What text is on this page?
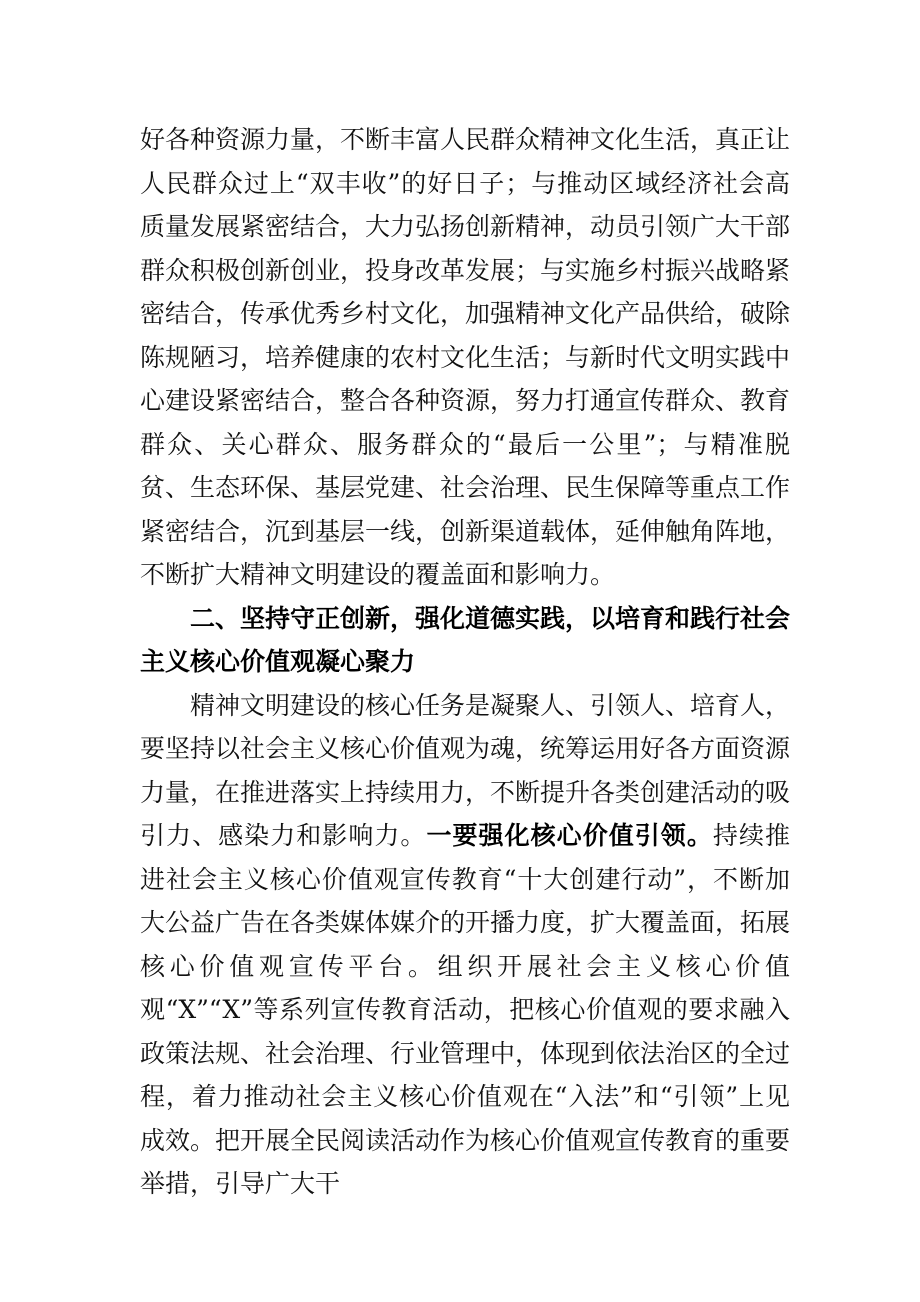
好各种资源力量，不断丰富人民群众精神文化生活，真正让人民群众过上“双丰收”的好日子；与推动区域经济社会高质量发展紧密结合，大力弘扬创新精神，动员引领广大干部群众积极创新创业，投身改革发展；与实施乡村振兴战略紧密结合，传承优秀乡村文化，加强精神文化产品供给，破除陈规陋习，培养健康的农村文化生活；与新时代文明实践中心建设紧密结合，整合各种资源，努力打通宣传群众、教育群众、关心群众、服务群众的“最后一公里”；与精准脱贫、生态环保、基层党建、社会治理、民生保障等重点工作紧密结合，沉到基层一线，创新渠道载体，延伸触角阵地，不断扩大精神文明建设的覆盖面和影响力。

二、坚持守正创新，强化道德实践，以培育和践行社会主义核心价值观凝心聚力

精神文明建设的核心任务是凝聚人、引领人、培育人，要坚持以社会主义核心价值观为魂，统筹运用好各方面资源力量，在推进落实上持续用力，不断提升各类创建活动的吸引力、感染力和影响力。一要强化核心价值引领。持续推进社会主义核心价值观宣传教育“十大创建行动”，不断加大公益广告在各类媒体媒介的开播力度，扩大覆盖面，拓展核心价值观宣传平台。组织开展社会主义核心价值观“X”“X”等系列宣传教育活动，把核心价值观的要求融入政策法规、社会治理、行业管理中，体现到依法治区的全过程，着力推动社会主义核心价值观在“入法”和“引领”上见成效。把开展全民阅读活动作为核心价值观宣传教育的重要举措，引导广大干
